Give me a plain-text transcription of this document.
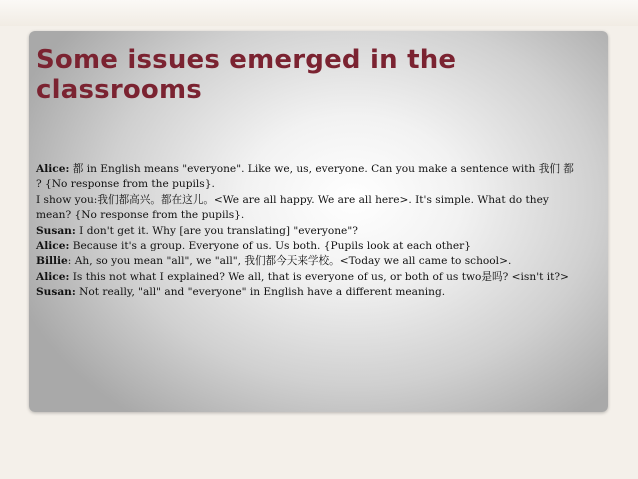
Some issues emerged in the
classrooms
Alice: 都 in English means "everyone". Like we, us, everyone. Can you make a sentence with 我们 都 ? {No response from the pupils}.
I show you:我们都高兴。都在这儿。<We are all happy. We are all here>. It's simple. What do they mean? {No response from the pupils}.
Susan: I don't get it. Why [are you translating] "everyone"?
Alice: Because it's a group. Everyone of us. Us both. {Pupils look at each other}
Billie: Ah, so you mean "all", we "all", 我们都今天来学校。<Today we all came to school>.
Alice: Is this not what I explained? We all, that is everyone of us, or both of us two是吗? <isn't it?>
Susan: Not really, "all" and "everyone" in English have a different meaning.
